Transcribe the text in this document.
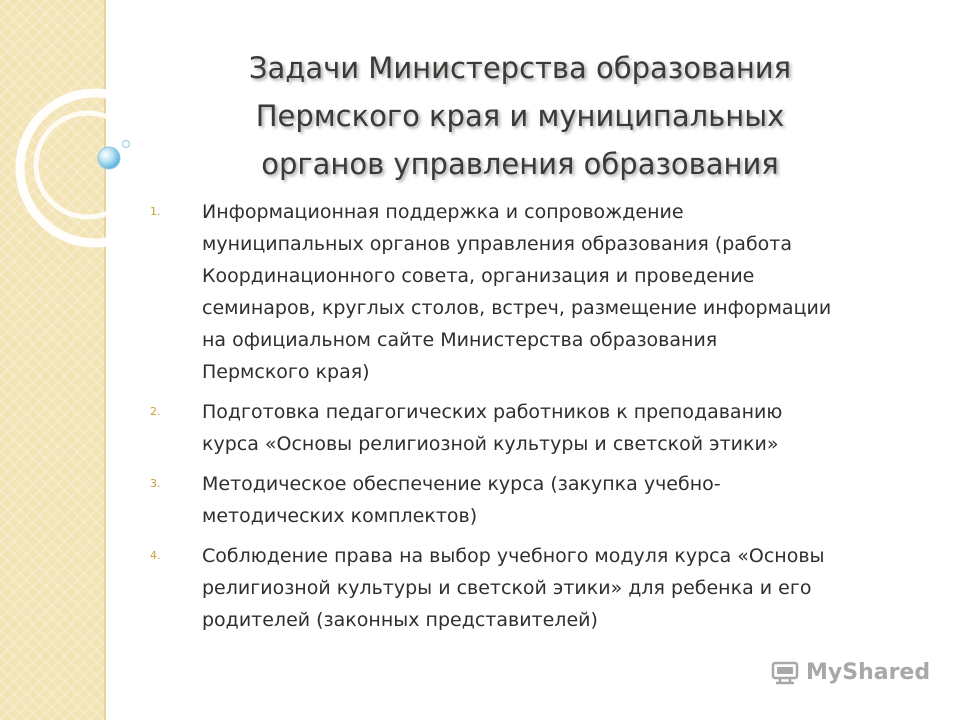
Задачи Министерства образования
Пермского края и муниципальных
органов управления образования
1.	Информационная поддержка и сопровождение
муниципальных органов управления образования (работа
Координационного совета, организация и проведение
семинаров, круглых столов, встреч, размещение информации
на официальном сайте Министерства образования
Пермского края)
2.	Подготовка педагогических работников к преподаванию
курса «Основы религиозной культуры и светской этики»
3.	Методическое обеспечение курса (закупка учебно-
методических комплектов)
4.	Соблюдение права на выбор учебного модуля курса «Основы
религиозной культуры и светской этики» для ребенка и его
родителей (законных представителей)
MyShared
